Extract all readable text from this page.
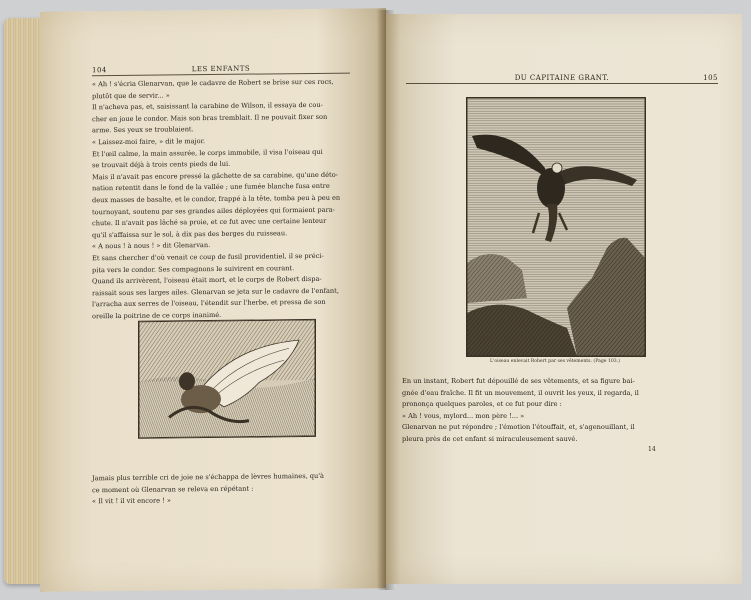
104	LES ENFANTS

« Ah ! s'écria Glenarvan, que le cadavre de Robert se brise sur ces rocs,

plutôt que de servir... »

Il n'acheva pas, et, saisissant la carabine de Wilson, il essaya de cou-

cher en joue le condor. Mais son bras tremblait. Il ne pouvait fixer son

arme. Ses yeux se troublaient.

« Laissez-moi faire, » dit le major.

Et l'œil calme, la main assurée, le corps immobile, il visa l'oiseau qui

se trouvait déjà à trois cents pieds de lui.

Mais il n'avait pas encore pressé la gâchette de sa carabine, qu'une déto-

nation retentit dans le fond de la vallée ; une fumée blanche fusa entre

deux masses de basalte, et le condor, frappé à la tête, tomba peu à peu en

tournoyant, soutenu par ses grandes ailes déployées qui formaient para-

chute. Il n'avait pas lâché sa proie, et ce fut avec une certaine lenteur

qu'il s'affaissa sur le sol, à dix pas des berges du ruisseau.

« A nous ! à nous ! » dit Glenarvan.

Et sans chercher d'où venait ce coup de fusil providentiel, il se préci-

pita vers le condor. Ses compagnons le suivirent en courant.

Quand ils arrivèrent, l'oiseau était mort, et le corps de Robert dispa-

raissait sous ses larges ailes. Glenarvan se jeta sur le cadavre de l'enfant,

l'arracha aux serres de l'oiseau, l'étendit sur l'herbe, et pressa de son

oreille la poitrine de ce corps inanimé.

Jamais plus terrible cri de joie ne s'échappa de lèvres humaines, qu'à

ce moment où Glenarvan se releva en répétant :

« Il vit ! il vit encore ! »

DU CAPITAINE GRANT.	105
L'oiseau enlevait Robert par ses vêtements. (Page 103.)

En un instant, Robert fut dépouillé de ses vêtements, et sa figure bai-

gnée d'eau fraîche. Il fit un mouvement, il ouvrit les yeux, il regarda, il

prononça quelques paroles, et ce fut pour dire :

« Ah ! vous, mylord... mon père !... »

Glenarvan ne put répondre ; l'émotion l'étouffait, et, s'agenouillant, il

pleura près de cet enfant si miraculeusement sauvé.

14
